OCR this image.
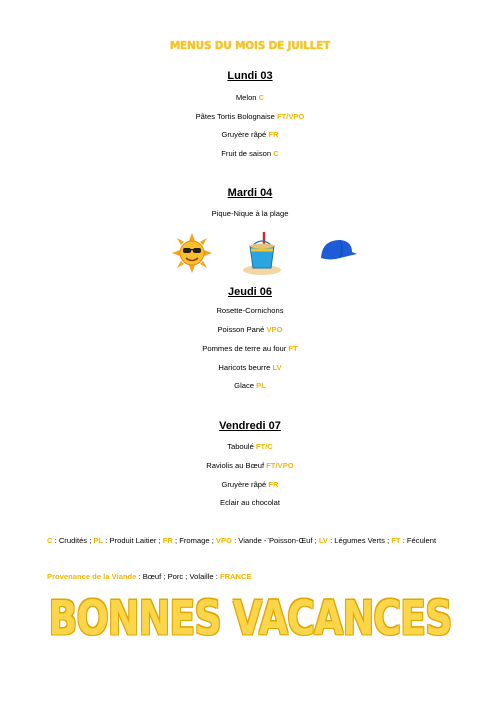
MENUS DU MOIS DE JUILLET
Lundi 03
Melon C
Pâtes Tortis Bolognaise FT/VPO
Gruyère râpé FR
Fruit de saison C
Mardi 04
Pique-Nique à la plage
Jeudi 06
Rosette-Cornichons
Poisson Pané VPO
Pommes de terre au four FT
Haricots beurre LV
Glace PL
Vendredi 07
Taboulé FT/C
Raviolis au Bœuf FT/VPO
Gruyère râpé FR
Eclair au chocolat
C : Crudités ; PL : Produit Laitier ; FR ; Fromage ; VPO : Viande -¨Poisson-Œuf ; LV : Légumes Verts ; FT : Féculent
Provenance de la Viande : Bœuf ; Porc ; Volaille : FRANCE
BONNES VACANCES
